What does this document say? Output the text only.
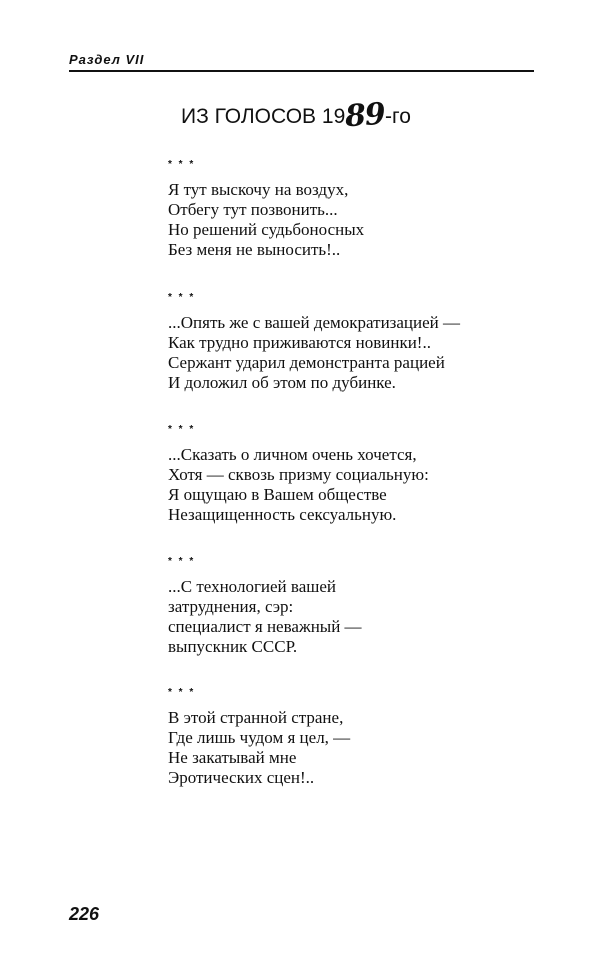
Раздел VII
ИЗ ГОЛОСОВ 1989-го
* * *
Я тут выскочу на воздух,
Отбегу тут позвонить...
Но решений судьбоносных
Без меня не выносить!..
* * *
...Опять же с вашей демократизацией —
Как трудно приживаются новинки!..
Сержант ударил демонстранта рацией
И доложил об этом по дубинке.
* * *
...Сказать о личном очень хочется,
Хотя — сквозь призму социальную:
Я ощущаю в Вашем обществе
Незащищенность сексуальную.
* * *
...С технологией вашей
затруднения, сэр:
специалист я неважный —
выпускник СССР.
* * *
В этой странной стране,
Где лишь чудом я цел, —
Не закатывай мне
Эротических сцен!..
226
